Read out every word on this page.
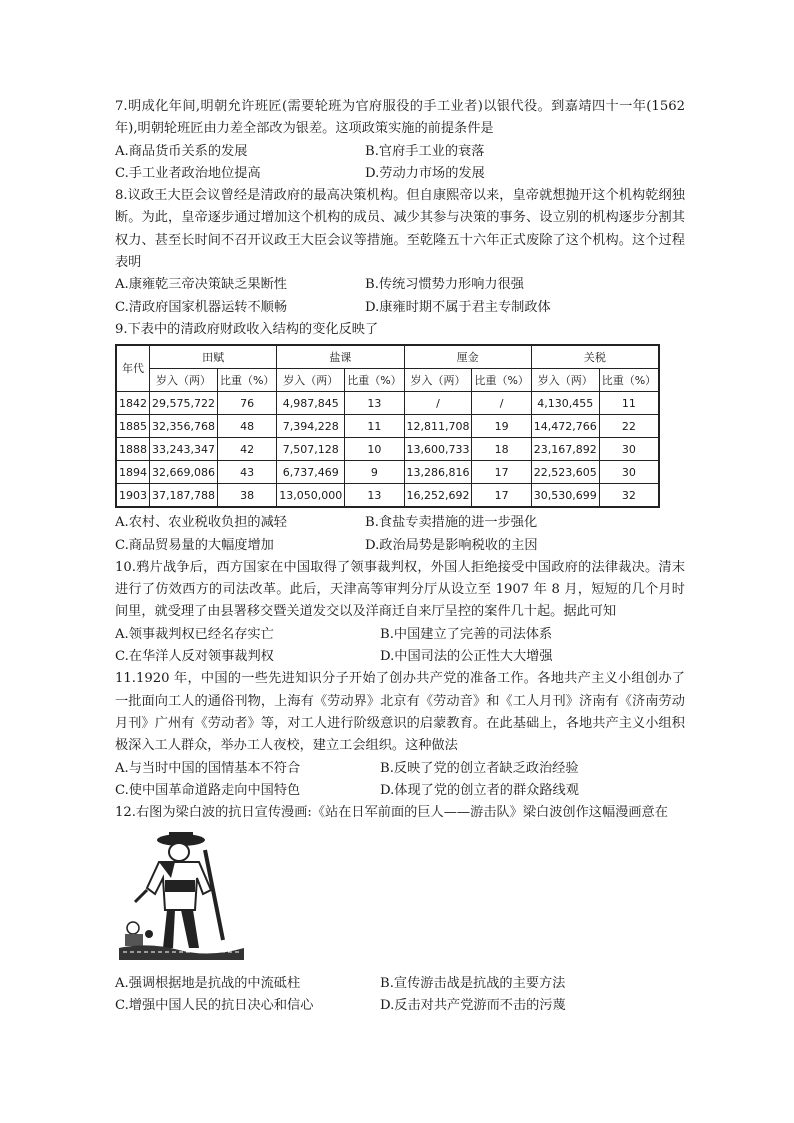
7.明成化年间,明朝允许班匠(需要轮班为官府服役的手工业者)以银代役。到嘉靖四十一年(1562年),明朝轮班匠由力差全部改为银差。这项政策实施的前提条件是

A.商品货币关系的发展	B.官府手工业的衰落
C.手工业者政治地位提高	D.劳动力市场的发展

8.议政王大臣会议曾经是清政府的最高决策机构。但自康熙帝以来，皇帝就想抛开这个机构乾纲独断。为此，皇帝逐步通过增加这个机构的成员、减少其参与决策的事务、设立别的机构逐步分割其权力、甚至长时间不召开议政王大臣会议等措施。至乾隆五十六年正式废除了这个机构。这个过程表明

A.康雍乾三帝决策缺乏果断性	B.传统习惯势力形响力很强
C.清政府国家机器运转不顺畅	D.康雍时期不属于君主专制政体

9.下表中的清政府财政收入结构的变化反映了

年代	田赋		盐课		厘金		关税	
	岁入（两）	比重（%）	岁入（两）	比重（%）	岁入（两）	比重（%）	岁入（两）	比重（%）
1842	29,575,722	76	4,987,845	13	/	/	4,130,455	11
1885	32,356,768	48	7,394,228	11	12,811,708	19	14,472,766	22
1888	33,243,347	42	7,507,128	10	13,600,733	18	23,167,892	30
1894	32,669,086	43	6,737,469	9	13,286,816	17	22,523,605	30
1903	37,187,788	38	13,050,000	13	16,252,692	17	30,530,699	32
A.农村、农业税收负担的减轻	B.食盐专卖措施的进一步强化
C.商品贸易量的大幅度增加	D.政治局势是影响税收的主因

10.鸦片战争后，西方国家在中国取得了领事裁判权，外国人拒绝接受中国政府的法律裁决。清末进行了仿效西方的司法改革。此后，天津高等审判分厅从设立至 1907 年 8 月，短短的几个月时间里，就受理了由县署移交暨关道发交以及洋商迁自来厅呈控的案件几十起。据此可知

A.领事裁判权已经名存实亡	B.中国建立了完善的司法体系
C.在华洋人反对领事裁判权	D.中国司法的公正性大大增强

11.1920 年，中国的一些先进知识分子开始了创办共产党的准备工作。各地共产主义小组创办了一批面向工人的通俗刊物，上海有《劳动界》北京有《劳动音》和《工人月刊》济南有《济南劳动月刊》广州有《劳动者》等，对工人进行阶级意识的启蒙教育。在此基础上，各地共产主义小组积极深入工人群众，举办工人夜校，建立工会组织。这种做法

A.与当时中国的国情基本不符合	B.反映了党的创立者缺乏政治经验
C.使中国革命道路走向中国特色	D.体现了党的创立者的群众路线观

12.右图为梁白波的抗日宣传漫画:《站在日军前面的巨人——游击队》梁白波创作这幅漫画意在

A.强调根据地是抗战的中流砥柱	B.宣传游击战是抗战的主要方法
C.增强中国人民的抗日决心和信心	D.反击对共产党游而不击的污蔑
